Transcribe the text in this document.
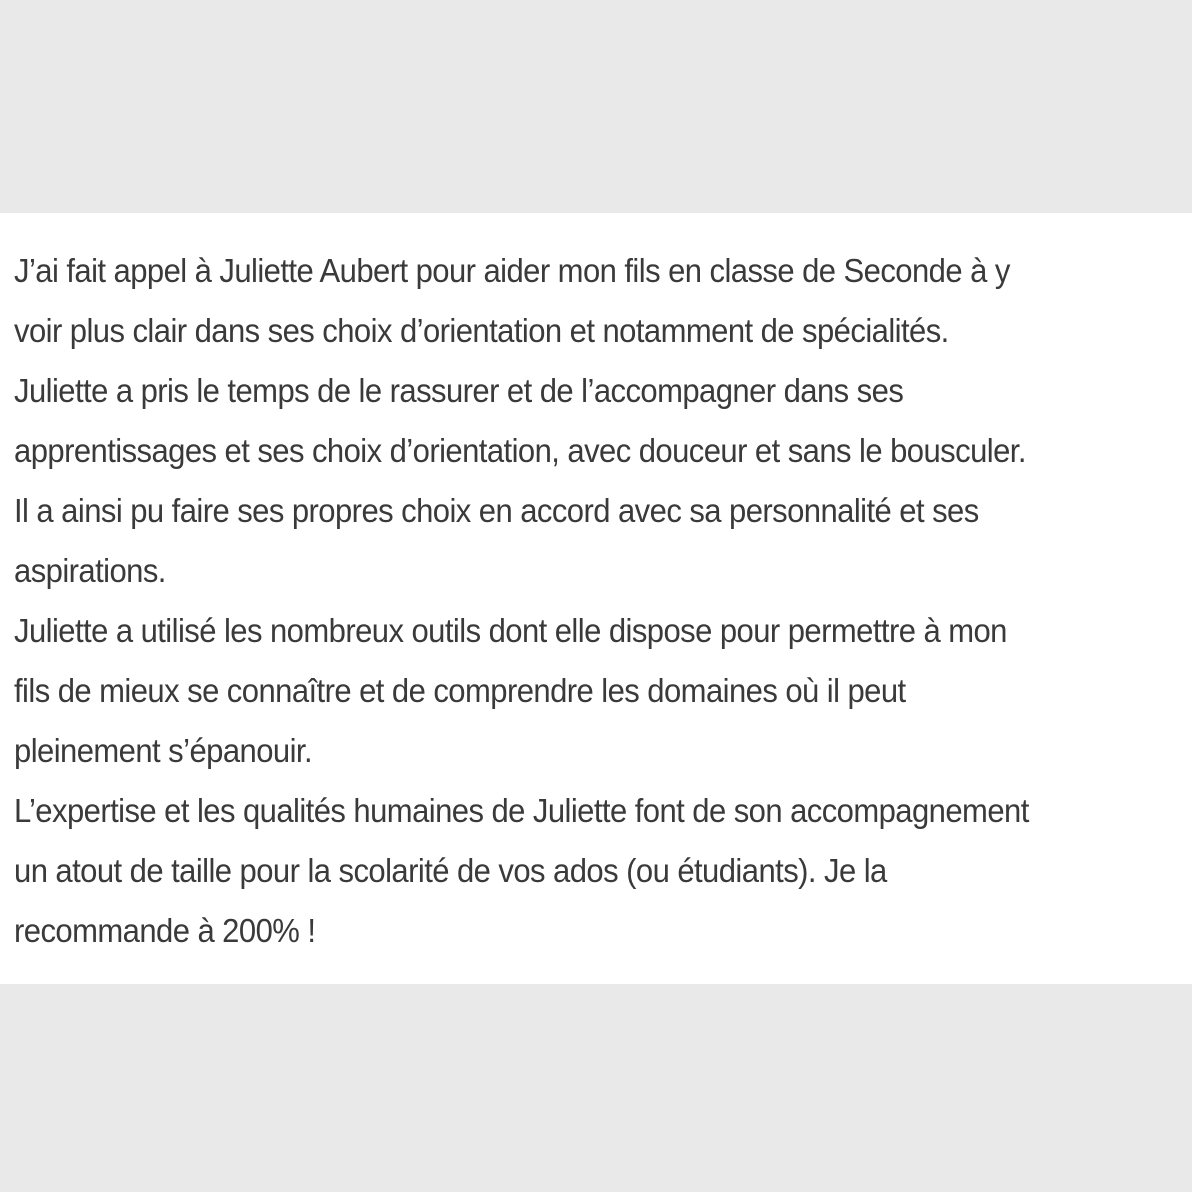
J’ai fait appel à Juliette Aubert pour aider mon fils en classe de Seconde à y
voir plus clair dans ses choix d’orientation et notamment de spécialités.
Juliette a pris le temps de le rassurer et de l’accompagner dans ses
apprentissages et ses choix d’orientation, avec douceur et sans le bousculer.
Il a ainsi pu faire ses propres choix en accord avec sa personnalité et ses
aspirations.
Juliette a utilisé les nombreux outils dont elle dispose pour permettre à mon
fils de mieux se connaître et de comprendre les domaines où il peut
pleinement s’épanouir.
L’expertise et les qualités humaines de Juliette font de son accompagnement
un atout de taille pour la scolarité de vos ados (ou étudiants). Je la
recommande à 200% !
